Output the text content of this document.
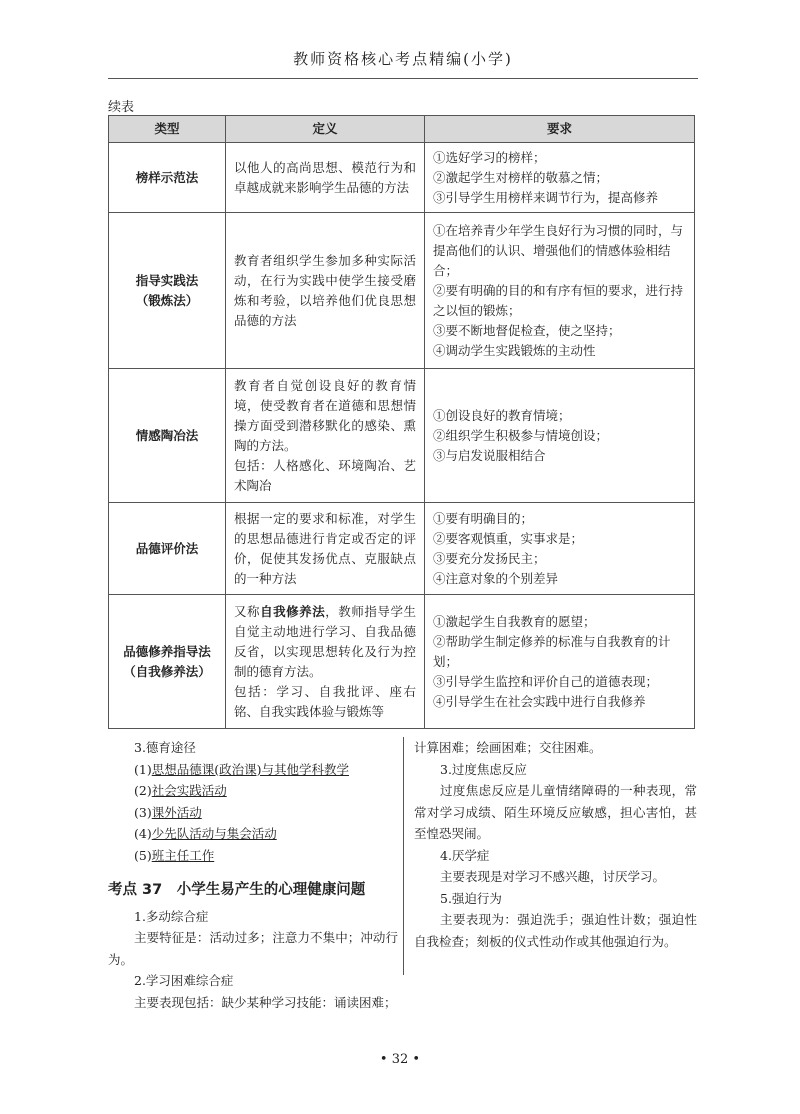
教师资格核心考点精编(小学)
续表
类型	定义	要求

榜样示范法	以他人的高尚思想、模范行为和卓越成就来影响学生品德的方法	①选好学习的榜样；
②激起学生对榜样的敬慕之情；
③引导学生用榜样来调节行为，提高修养

指导实践法
（锻炼法）	教育者组织学生参加多种实际活动，在行为实践中使学生接受磨炼和考验，以培养他们优良思想品德的方法	①在培养青少年学生良好行为习惯的同时，与提高他们的认识、增强他们的情感体验相结合；
②要有明确的目的和有序有恒的要求，进行持之以恒的锻炼；
③要不断地督促检查，使之坚持；
④调动学生实践锻炼的主动性

情感陶冶法	教育者自觉创设良好的教育情境，使受教育者在道德和思想情操方面受到潜移默化的感染、熏陶的方法。
包括：人格感化、环境陶冶、艺术陶冶	①创设良好的教育情境；
②组织学生积极参与情境创设；
③与启发说服相结合

品德评价法	根据一定的要求和标准，对学生的思想品德进行肯定或否定的评价，促使其发扬优点、克服缺点的一种方法	①要有明确目的；
②要客观慎重，实事求是；
③要充分发扬民主；
④注意对象的个别差异

品德修养指导法
（自我修养法）	又称自我修养法，教师指导学生自觉主动地进行学习、自我品德反省，以实现思想转化及行为控制的德育方法。
包括：学习、自我批评、座右铭、自我实践体验与锻炼等	①激起学生自我教育的愿望；
②帮助学生制定修养的标准与自我教育的计划；
③引导学生监控和评价自己的道德表现；
④引导学生在社会实践中进行自我修养
3.德育途径
(1)思想品德课(政治课)与其他学科教学
(2)社会实践活动
(3)课外活动
(4)少先队活动与集会活动
(5)班主任工作
考点 37　小学生易产生的心理健康问题
1.多动综合症
主要特征是：活动过多；注意力不集中；冲动行为。
2.学习困难综合症
主要表现包括：缺少某种学习技能：诵读困难；
计算困难；绘画困难；交往困难。
3.过度焦虑反应
过度焦虑反应是儿童情绪障碍的一种表现，常常对学习成绩、陌生环境反应敏感，担心害怕，甚至惶恐哭闹。
4.厌学症
主要表现是对学习不感兴趣，讨厌学习。
5.强迫行为
主要表现为：强迫洗手；强迫性计数；强迫性自我检查；刻板的仪式性动作或其他强迫行为。
• 32 •
